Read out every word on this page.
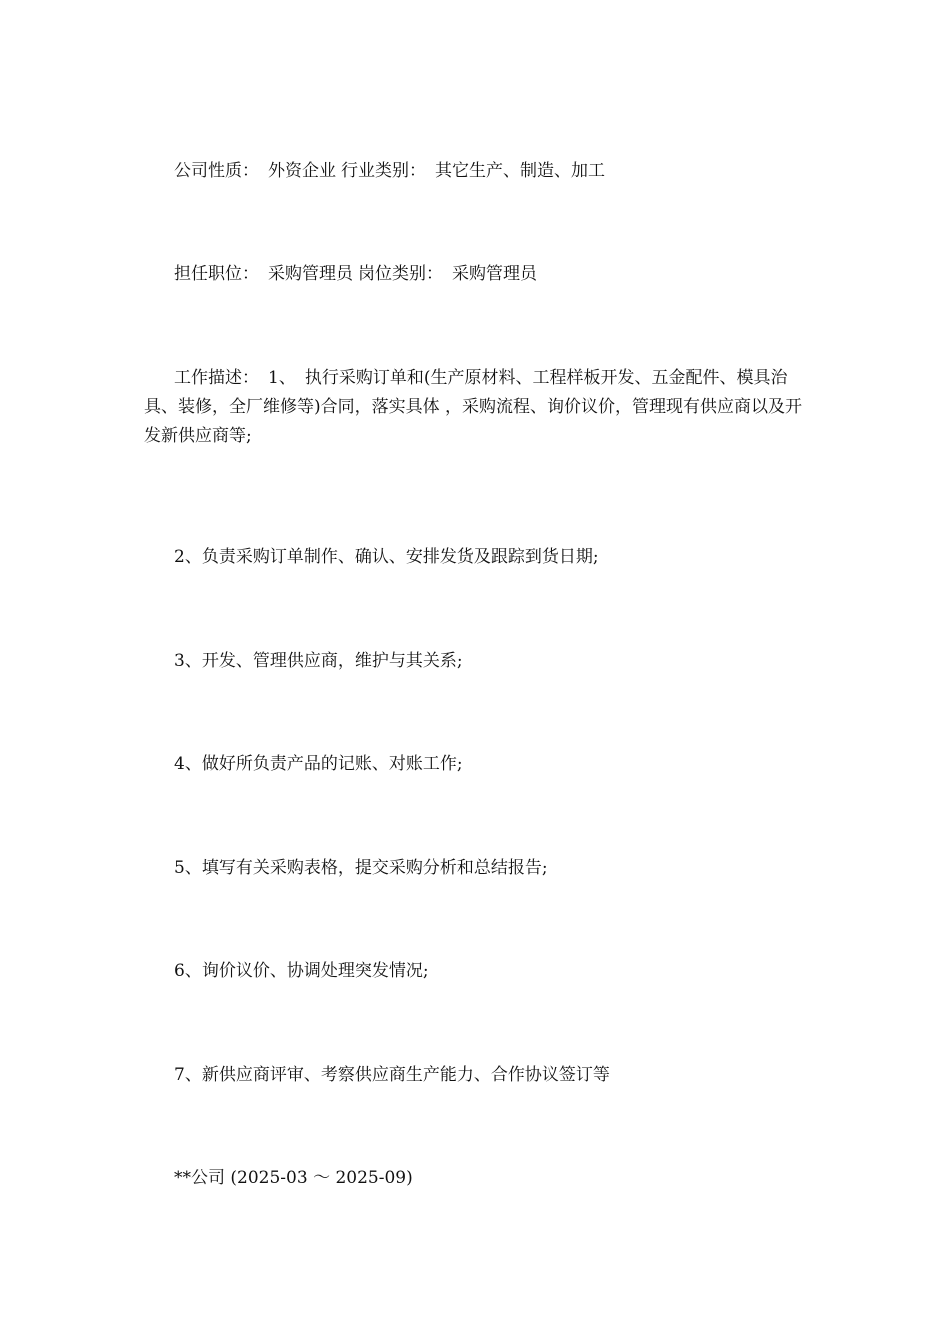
公司性质： 外资企业 行业类别： 其它生产、制造、加工

担任职位： 采购管理员 岗位类别： 采购管理员

工作描述： 1、 执行采购订单和(生产原材料、工程样板开发、五金配件、模具治具、装修，全厂维修等)合同，落实具体 ，采购流程、询价议价，管理现有供应商以及开发新供应商等;

2、负责采购订单制作、确认、安排发货及跟踪到货日期;

3、开发、管理供应商，维护与其关系;

4、做好所负责产品的记账、对账工作;

5、填写有关采购表格，提交采购分析和总结报告;

6、询价议价、协调处理突发情况;

7、新供应商评审、考察供应商生产能力、合作协议签订等

**公司 (2025-03 ～ 2025-09)
